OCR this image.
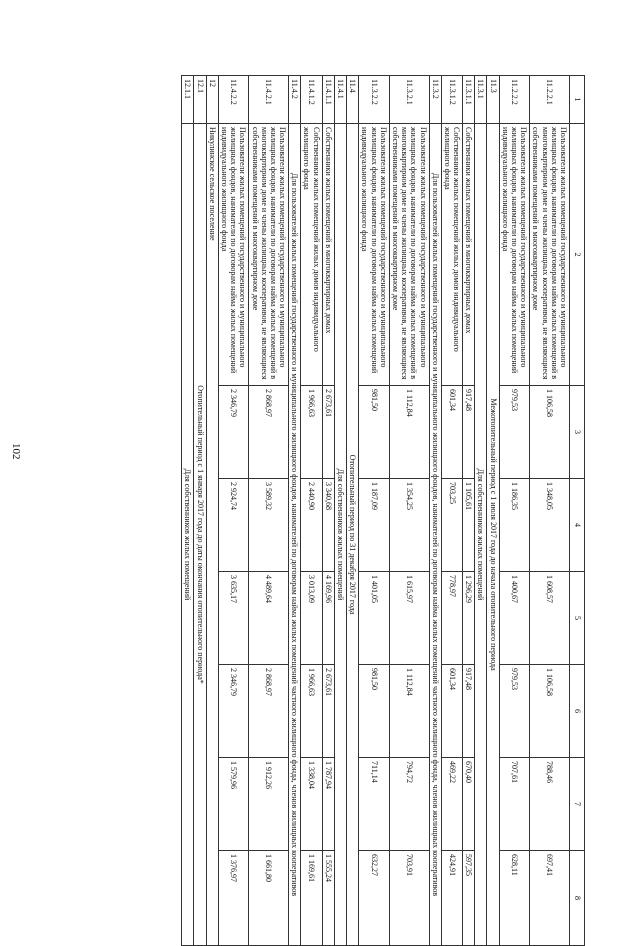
102
1	2	3	4	5	6	7	8
11.2.2.1	Пользователи жилых помещений государственного и муниципального жилищных фондов, наниматели по договорам найма жилых помещений в многоквартирном доме и члены жилищных кооперативов, не являющиеся собственниками помещений в многоквартирном доме	1 106,58	1 348,05	1 608,57	1 106,58	788,46	697,41
11.2.2.2	Пользователи жилых помещений государственного и муниципального жилищных фондов, наниматели по договорам найма жилых помещений индивидуального жилищного фонда	979,53	1 186,35	1 400,67	979,53	707,61	628,11
11.3	Межотопительный период с 1 июля 2017 года до начала отопительного периода						
11.3.1	Для собственников жилых помещений						
11.3.1.1	Собственники жилых помещений в многоквартирных домах	917,48	1 105,61	1 296,29	917,48	670,40	597,35
11.3.1.2	Собственники жилых помещений жилых домов индивидуального жилищного фонда	601,34	703,25	778,97	601,34	469,22	424,91
11.3.2	Для пользователей жилых помещений государственного и муниципального жилищного фондов, нанимателей по договорам найма жилых помещений частного жилищного фонда, членов жилищных кооперативов						
11.3.2.1	Пользователи жилых помещений государственного и муниципального жилищных фондов, наниматели по договорам найма жилых помещений в многоквартирном доме и члены жилищных кооперативов, не являющиеся собственниками помещений в многоквартирном доме	1 112,84	1 354,25	1 615,97	1 112,84	794,72	703,91
11.3.2.2	Пользователи жилых помещений государственного и муниципального жилищных фондов, наниматели по договорам найма жилых помещений индивидуального жилищного фонда	981,50	1 187,09	1 401,05	981,50	711,14	632,27
11.4	Отопительный период по 31 декабря 2017 года						
11.4.1	Для собственников жилых помещений						
11.4.1.1	Собственники жилых помещений в многоквартирных домах	2 673,61	3 340,68	4 169,96	2 673,61	1 787,94	1 555,24
11.4.1.2	Собственники жилых помещений жилых домов индивидуального жилищного фонда	1 966,63	2 440,90	3 013,09	1 966,63	1 338,04	1 169,61
11.4.2	Для пользователей жилых помещений государственного и муниципального жилищного фондов, нанимателей по договорам найма жилых помещений частного жилищного фонда, членов жилищных кооперативов						
11.4.2.1	Пользователи жилых помещений государственного и муниципального жилищных фондов, наниматели по договорам найма жилых помещений в многоквартирном доме и члены жилищных кооперативов, не являющиеся собственниками помещений в многоквартирном доме	2 868,97	3 589,32	4 489,64	2 868,97	1 912,26	1 661,80
11.4.2.2	Пользователи жилых помещений государственного и муниципального жилищных фондов, наниматели по договорам найма жилых помещений индивидуального жилищного фонда	2 346,79	2 924,74	3 635,17	2 346,79	1 579,96	1 376,97
12	Никулинское сельское поселение						
12.1	Отопительный период с 1 января 2017 года до даты окончания отопительного периода*						
12.1.1	Для собственников жилых помещений						
